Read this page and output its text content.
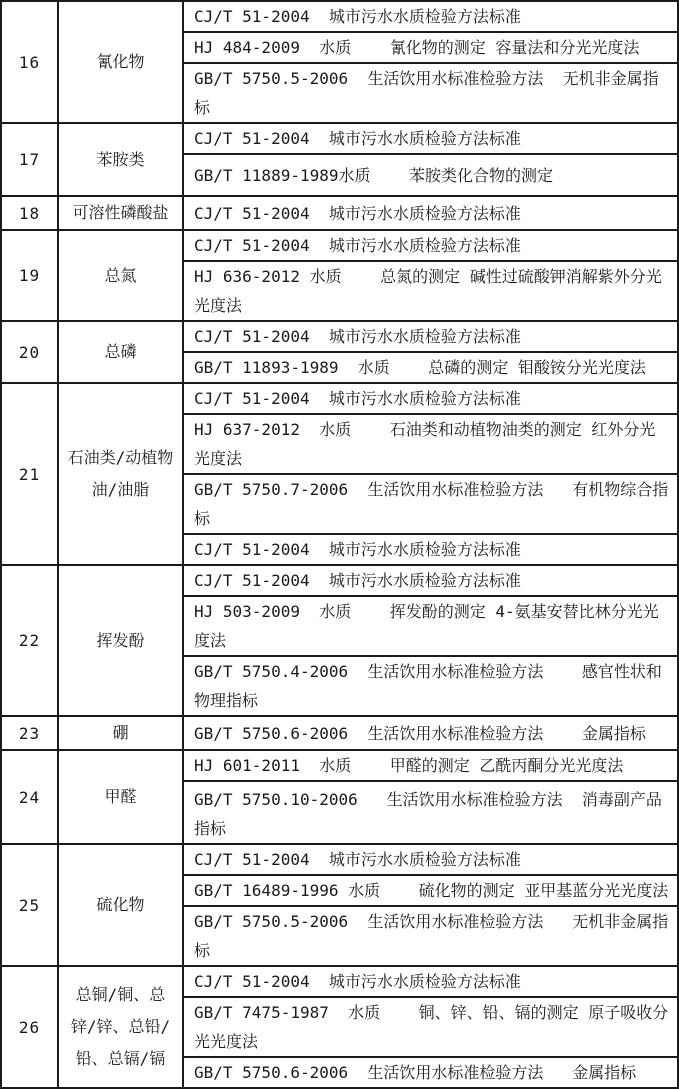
16	氰化物	CJ/T 51-2004  城市污水水质检验方法标准
		HJ 484-2009  水质    氰化物的测定 容量法和分光光度法
		GB/T 5750.5-2006  生活饮用水标准检验方法  无机非金属指标
17	苯胺类	CJ/T 51-2004  城市污水水质检验方法标准
		GB/T 11889-1989水质    苯胺类化合物的测定
18	可溶性磷酸盐	CJ/T 51-2004  城市污水水质检验方法标准
19	总氮	CJ/T 51-2004  城市污水水质检验方法标准
		HJ 636-2012 水质    总氮的测定 碱性过硫酸钾消解紫外分光光度法
20	总磷	CJ/T 51-2004  城市污水水质检验方法标准
		GB/T 11893-1989  水质    总磷的测定 钼酸铵分光光度法
21	石油类/动植物油/油脂	CJ/T 51-2004  城市污水水质检验方法标准
		HJ 637-2012  水质    石油类和动植物油类的测定 红外分光光度法
		GB/T 5750.7-2006  生活饮用水标准检验方法   有机物综合指标
		CJ/T 51-2004  城市污水水质检验方法标准
22	挥发酚	CJ/T 51-2004  城市污水水质检验方法标准
		HJ 503-2009  水质    挥发酚的测定 4-氨基安替比林分光光度法
		GB/T 5750.4-2006  生活饮用水标准检验方法    感官性状和物理指标
23	硼	GB/T 5750.6-2006  生活饮用水标准检验方法    金属指标
24	甲醛	HJ 601-2011  水质    甲醛的测定 乙酰丙酮分光光度法
		GB/T 5750.10-2006   生活饮用水标准检验方法  消毒副产品指标
25	硫化物	CJ/T 51-2004  城市污水水质检验方法标准
		GB/T 16489-1996 水质    硫化物的测定 亚甲基蓝分光光度法
		GB/T 5750.5-2006  生活饮用水标准检验方法   无机非金属指标
26	总铜/铜、总锌/锌、总铅/铅、总镉/镉	CJ/T 51-2004  城市污水水质检验方法标准
		GB/T 7475-1987  水质    铜、锌、铅、镉的测定 原子吸收分光光度法
		GB/T 5750.6-2006  生活饮用水标准检验方法   金属指标
